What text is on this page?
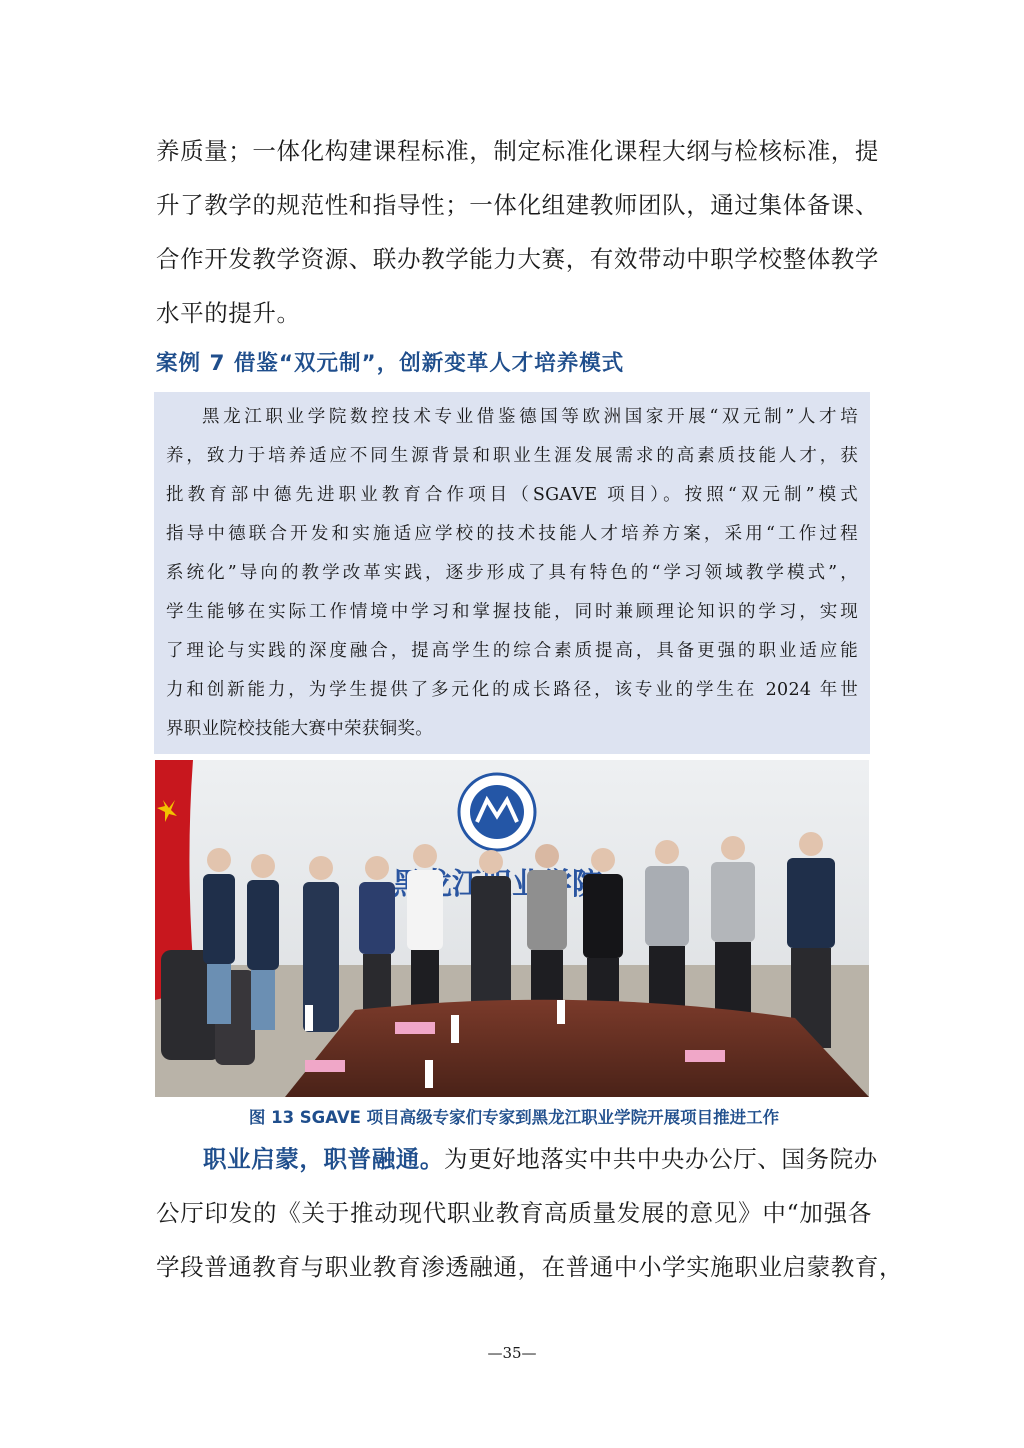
养质量；一体化构建课程标准，制定标准化课程大纲与检核标准，提
升了教学的规范性和指导性；一体化组建教师团队，通过集体备课、
合作开发教学资源、联办教学能力大赛，有效带动中职学校整体教学
水平的提升。
案例 7 借鉴“双元制”，创新变革人才培养模式
黑龙江职业学院数控技术专业借鉴德国等欧洲国家开展“双元制”人才培
养，致力于培养适应不同生源背景和职业生涯发展需求的高素质技能人才，获
批教育部中德先进职业教育合作项目（SGAVE 项目）。按照“双元制”模式
指导中德联合开发和实施适应学校的技术技能人才培养方案，采用“工作过程
系统化”导向的教学改革实践，逐步形成了具有特色的“学习领域教学模式”，
学生能够在实际工作情境中学习和掌握技能，同时兼顾理论知识的学习，实现
了理论与实践的深度融合，提高学生的综合素质提高，具备更强的职业适应能
力和创新能力，为学生提供了多元化的成长路径，该专业的学生在 2024 年世
界职业院校技能大赛中荣获铜奖。
图 13 SGAVE 项目高级专家们专家到黑龙江职业学院开展项目推进工作
职业启蒙，职普融通。为更好地落实中共中央办公厅、国务院办
公厅印发的《关于推动现代职业教育高质量发展的意见》中“加强各
学段普通教育与职业教育渗透融通，在普通中小学实施职业启蒙教育，
—35—
